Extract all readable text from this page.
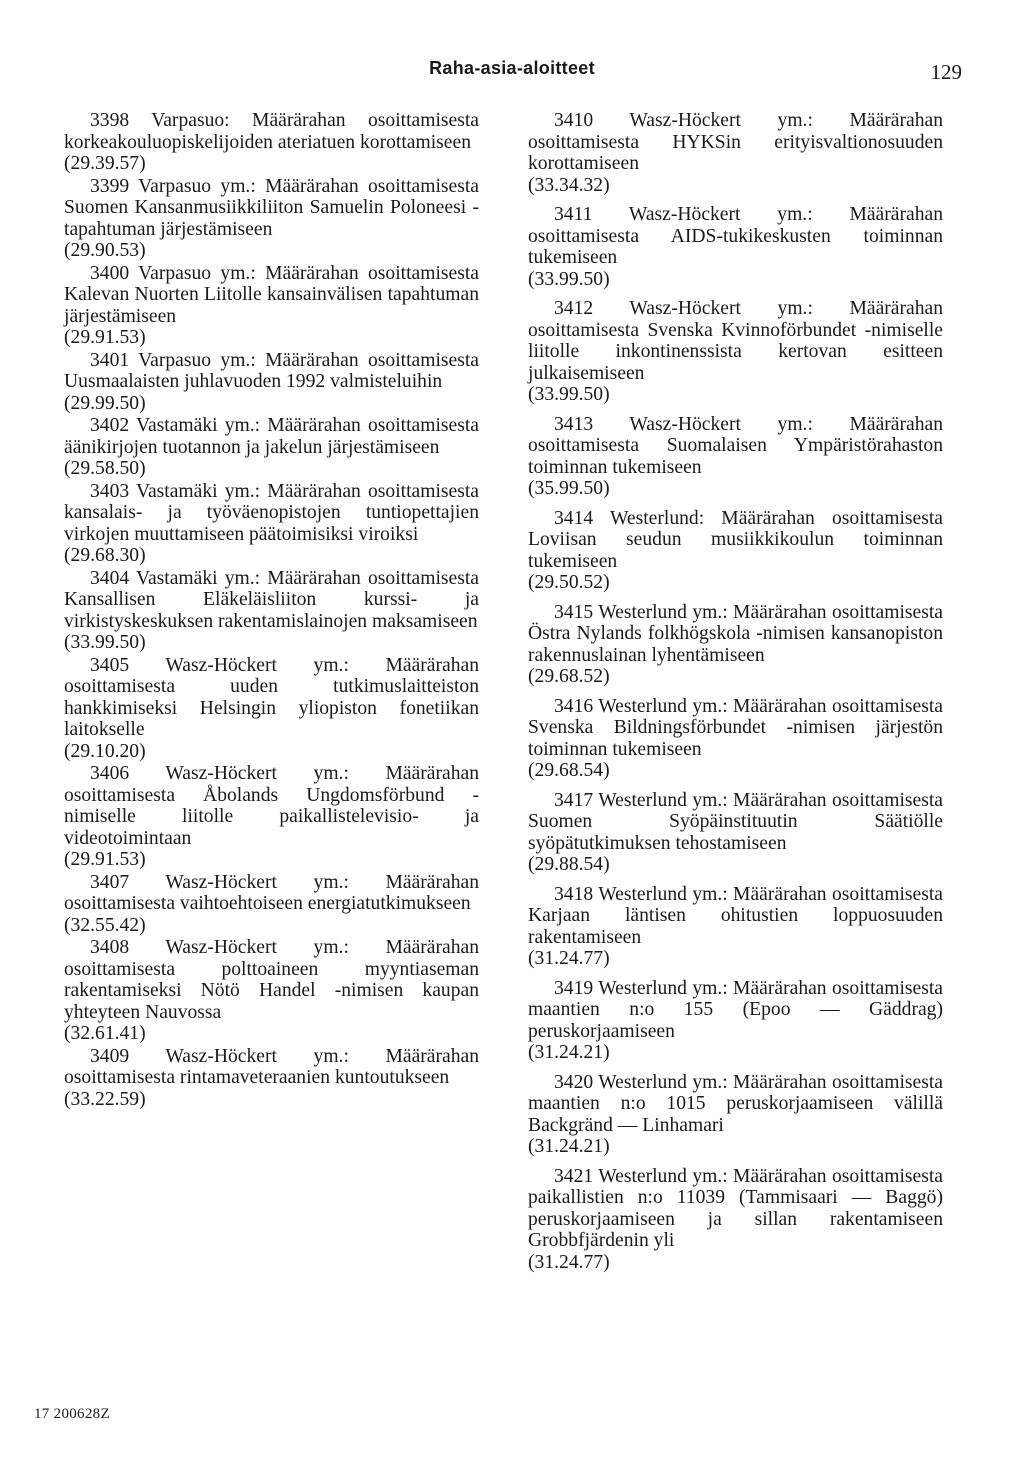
Raha-asia-aloitteet	129

3398 Varpasuo: Määrärahan osoittamisesta korkeakouluopiskelijoiden ateriatuen korottamiseen
(29.39.57)

3399 Varpasuo ym.: Määrärahan osoittamisesta Suomen Kansanmusiikkiliiton Samuelin Poloneesi -tapahtuman järjestämiseen
(29.90.53)

3400 Varpasuo ym.: Määrärahan osoittamisesta Kalevan Nuorten Liitolle kansainvälisen tapahtuman järjestämiseen
(29.91.53)

3401 Varpasuo ym.: Määrärahan osoittamisesta Uusmaalaisten juhlavuoden 1992 valmisteluihin
(29.99.50)

3402 Vastamäki ym.: Määrärahan osoittamisesta äänikirjojen tuotannon ja jakelun järjestämiseen
(29.58.50)

3403 Vastamäki ym.: Määrärahan osoittamisesta kansalais- ja työväenopistojen tuntiopettajien virkojen muuttamiseen päätoimisiksi viroiksi
(29.68.30)

3404 Vastamäki ym.: Määrärahan osoittamisesta Kansallisen Eläkeläisliiton kurssi- ja virkistyskeskuksen rakentamislainojen maksamiseen
(33.99.50)

3405 Wasz-Höckert ym.: Määrärahan osoittamisesta uuden tutkimuslaitteiston hankkimiseksi Helsingin yliopiston fonetiikan laitokselle
(29.10.20)

3406 Wasz-Höckert ym.: Määrärahan osoittamisesta Åbolands Ungdomsförbund -nimiselle liitolle paikallistelevisio- ja videotoimintaan
(29.91.53)

3407 Wasz-Höckert ym.: Määrärahan osoittamisesta vaihtoehtoiseen energiatutkimukseen
(32.55.42)

3408 Wasz-Höckert ym.: Määrärahan osoittamisesta polttoaineen myyntiaseman rakentamiseksi Nötö Handel -nimisen kaupan yhteyteen Nauvossa
(32.61.41)

3409 Wasz-Höckert ym.: Määrärahan osoittamisesta rintamaveteraanien kuntoutukseen
(33.22.59)

3410 Wasz-Höckert ym.: Määrärahan osoittamisesta HYKSin erityisvaltionosuuden korottamiseen
(33.34.32)

3411 Wasz-Höckert ym.: Määrärahan osoittamisesta AIDS-tukikeskusten toiminnan tukemiseen
(33.99.50)

3412 Wasz-Höckert ym.: Määrärahan osoittamisesta Svenska Kvinnoförbundet -nimiselle liitolle inkontinenssista kertovan esitteen julkaisemiseen
(33.99.50)

3413 Wasz-Höckert ym.: Määrärahan osoittamisesta Suomalaisen Ympäristörahaston toiminnan tukemiseen
(35.99.50)

3414 Westerlund: Määrärahan osoittamisesta Loviisan seudun musiikkikoulun toiminnan tukemiseen
(29.50.52)

3415 Westerlund ym.: Määrärahan osoittamisesta Östra Nylands folkhögskola -nimisen kansanopiston rakennuslainan lyhentämiseen
(29.68.52)

3416 Westerlund ym.: Määrärahan osoittamisesta Svenska Bildningsförbundet -nimisen järjestön toiminnan tukemiseen
(29.68.54)

3417 Westerlund ym.: Määrärahan osoittamisesta Suomen Syöpäinstituutin Säätiölle syöpätutkimuksen tehostamiseen
(29.88.54)

3418 Westerlund ym.: Määrärahan osoittamisesta Karjaan läntisen ohitustien loppuosuuden rakentamiseen
(31.24.77)

3419 Westerlund ym.: Määrärahan osoittamisesta maantien n:o 155 (Epoo — Gäddrag) peruskorjaamiseen
(31.24.21)

3420 Westerlund ym.: Määrärahan osoittamisesta maantien n:o 1015 peruskorjaamiseen välillä Backgränd — Linhamari
(31.24.21)

3421 Westerlund ym.: Määrärahan osoittamisesta paikallistien n:o 11039 (Tammisaari — Baggö) peruskorjaamiseen ja sillan rakentamiseen Grobbfjärdenin yli
(31.24.77)

17 200628Z
